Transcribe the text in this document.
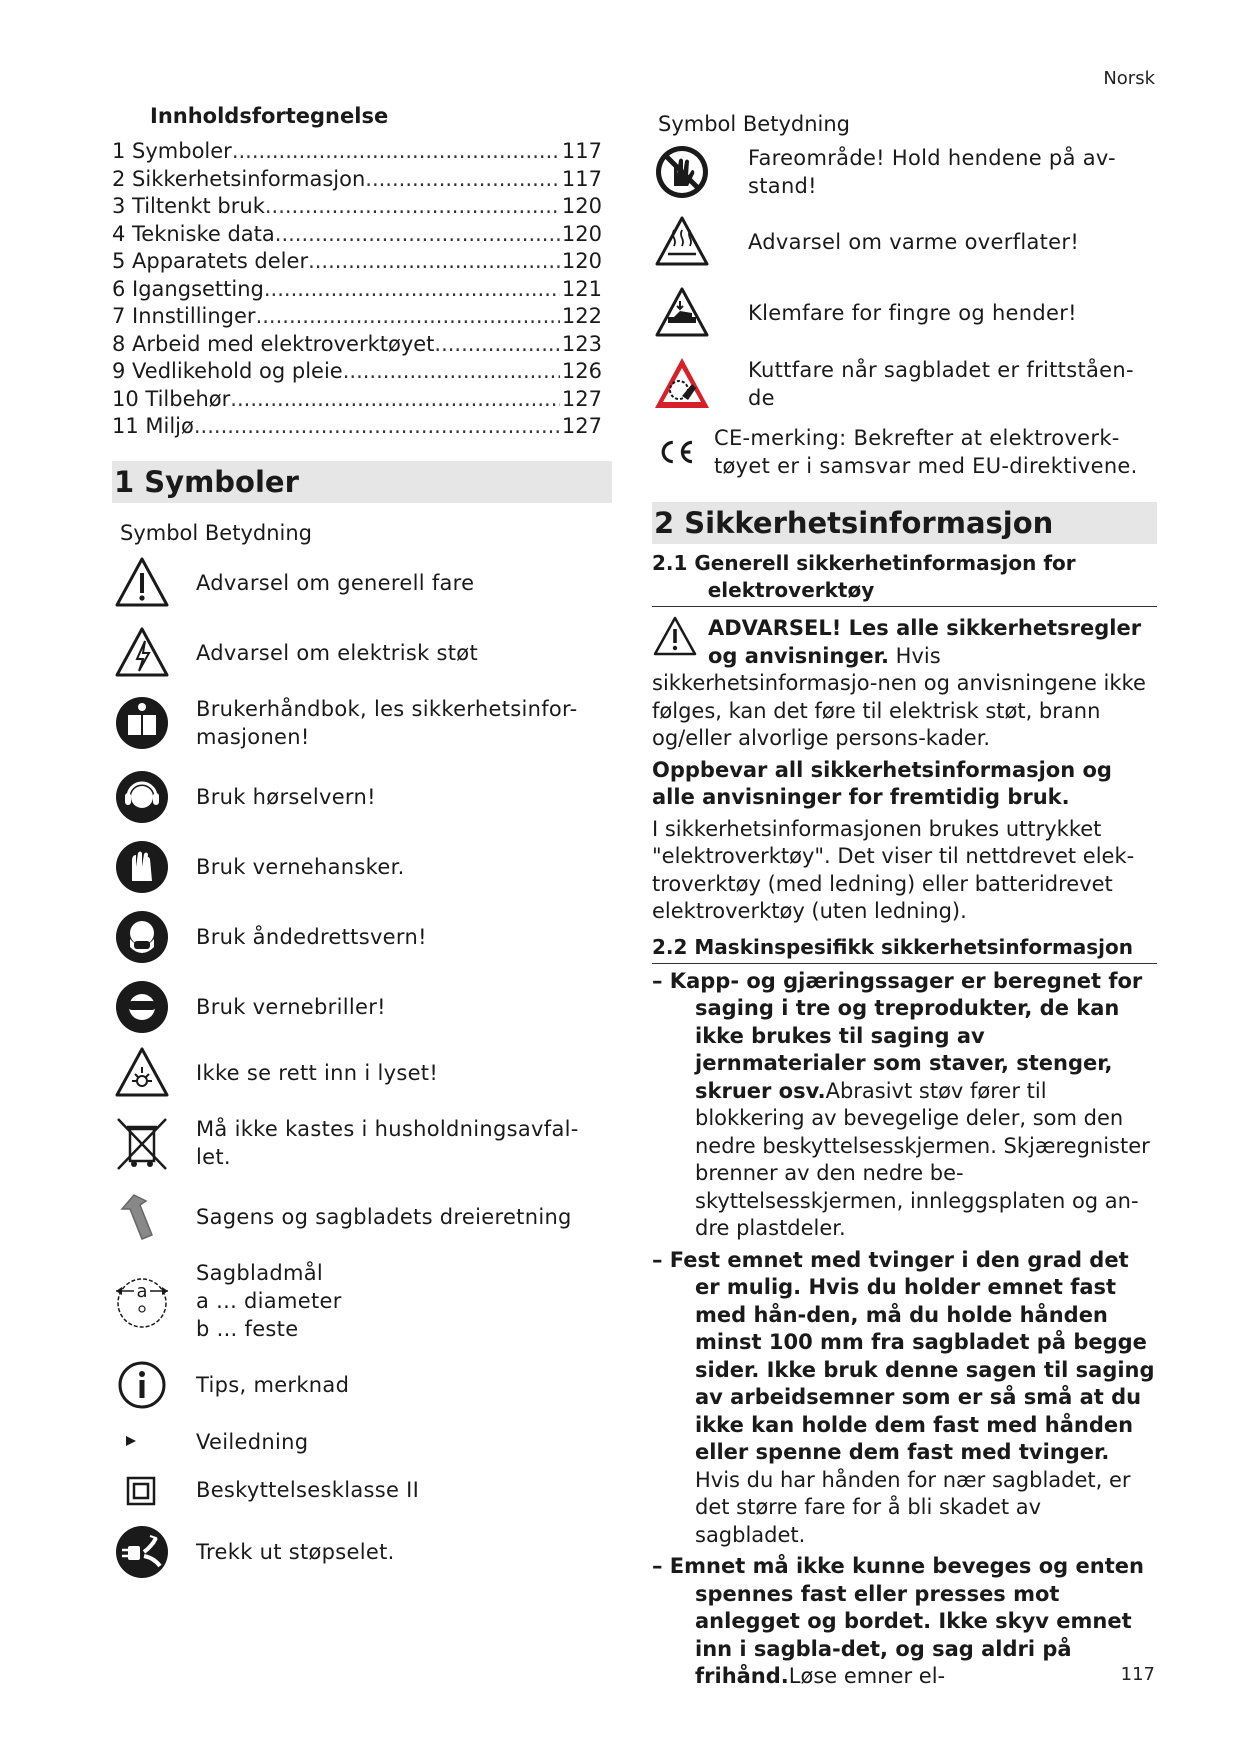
Norsk
Innholdsfortegnelse
1 Symboler .....	117
2 Sikkerhetsinformasjon .....	117
3 Tiltenkt bruk .....	120
4 Tekniske data .....	120
5 Apparatets deler .....	120
6 Igangsetting .....	121
7 Innstillinger .....	122
8 Arbeid med elektroverktøyet .....	123
9 Vedlikehold og pleie .....	126
10 Tilbehør .....	127
11 Miljø .....	127
1 Symboler
Symbol Betydning
Advarsel om generell fare
Advarsel om elektrisk støt
Brukerhåndbok, les sikkerhetsinfor-
masjonen!
Bruk hørselvern!
Bruk vernehansker.
Bruk åndedrettsvern!
Bruk vernebriller!
Ikke se rett inn i lyset!
Må ikke kastes i husholdningsavfal-
let.
Sagens og sagbladets dreieretning
a
Sagbladmål
a ... diameter
b ... feste
Tips, merknad
Veiledning
Beskyttelsesklasse II
Trekk ut støpselet.
Symbol Betydning
Fareområde! Hold hendene på av-
stand!
Advarsel om varme overflater!
Klemfare for fingre og hender!
Kuttfare når sagbladet er frittståen-
de
CE-merking: Bekrefter at elektroverk-
tøyet er i samsvar med EU-direktivene.
2 Sikkerhetsinformasjon
2.1 Generell sikkerhetinformasjon for
elektroverktøy
ADVARSEL! Les alle sikkerhetsregler og anvisninger. Hvis sikkerhetsinformasjo-nen og anvisningene ikke følges, kan det føre til elektrisk støt, brann og/eller alvorlige persons-kader.
Oppbevar all sikkerhetsinformasjon og alle anvisninger for fremtidig bruk.
I sikkerhetsinformasjonen brukes uttrykket "elektroverktøy". Det viser til nettdrevet elek-troverktøy (med ledning) eller batteridrevet elektroverktøy (uten ledning).
2.2 Maskinspesifikk sikkerhetsinformasjon
– Kapp- og gjæringssager er beregnet for saging i tre og treprodukter, de kan ikke brukes til saging av jernmaterialer som staver, stenger, skruer osv.Abrasivt støv fører til blokkering av bevegelige deler, som den nedre beskyttelsesskjermen. Skjæregnister brenner av den nedre be-skyttelsesskjermen, innleggsplaten og an-dre plastdeler.
– Fest emnet med tvinger i den grad det er mulig. Hvis du holder emnet fast med hån-den, må du holde hånden minst 100 mm fra sagbladet på begge sider. Ikke bruk denne sagen til saging av arbeidsemner som er så små at du ikke kan holde dem fast med hånden eller spenne dem fast med tvinger. Hvis du har hånden for nær sagbladet, er det større fare for å bli skadet av sagbladet.
– Emnet må ikke kunne beveges og enten spennes fast eller presses mot anlegget og bordet. Ikke skyv emnet inn i sagbla-det, og sag aldri på frihånd.Løse emner el-	117
